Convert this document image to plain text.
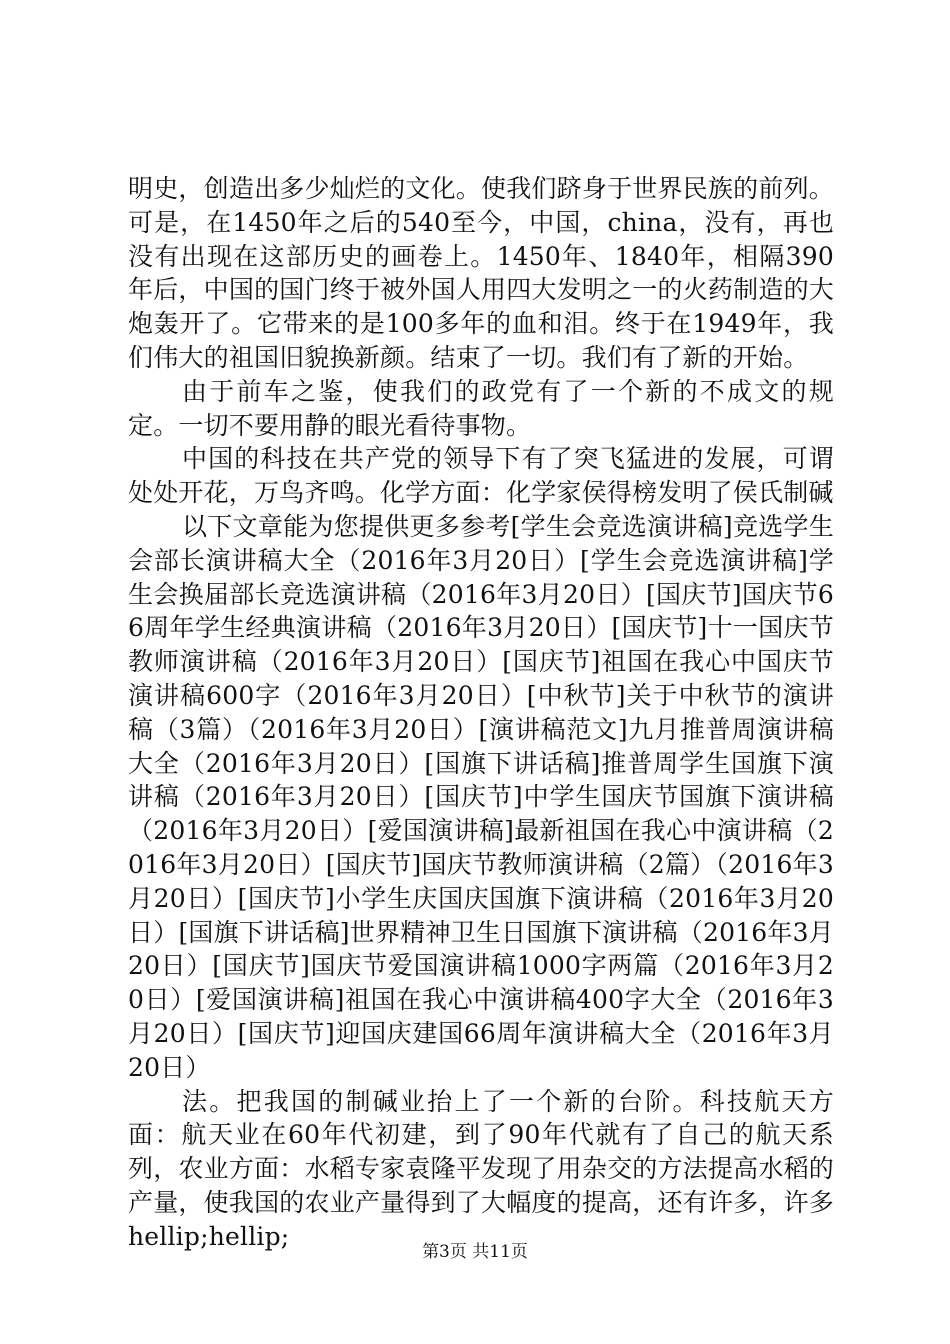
明史，创造出多少灿烂的文化。使我们跻身于世界民族的前列。可是，在1450年之后的540至今，中国，china，没有，再也没有出现在这部历史的画卷上。1450年、1840年，相隔390年后，中国的国门终于被外国人用四大发明之一的火药制造的大炮轰开了。它带来的是100多年的血和泪。终于在1949年，我们伟大的祖国旧貌换新颜。结束了一切。我们有了新的开始。

由于前车之鉴，使我们的政党有了一个新的不成文的规定。一切不要用静的眼光看待事物。

中国的科技在共产党的领导下有了突飞猛进的发展，可谓处处开花，万鸟齐鸣。化学方面：化学家侯得榜发明了侯氏制碱

以下文章能为您提供更多参考[学生会竞选演讲稿]竞选学生会部长演讲稿大全（2016年3月20日）[学生会竞选演讲稿]学生会换届部长竞选演讲稿（2016年3月20日）[国庆节]国庆节66周年学生经典演讲稿（2016年3月20日）[国庆节]十一国庆节教师演讲稿（2016年3月20日）[国庆节]祖国在我心中国庆节演讲稿600字（2016年3月20日）[中秋节]关于中秋节的演讲稿（3篇）（2016年3月20日）[演讲稿范文]九月推普周演讲稿大全（2016年3月20日）[国旗下讲话稿]推普周学生国旗下演讲稿（2016年3月20日）[国庆节]中学生国庆节国旗下演讲稿（2016年3月20日）[爱国演讲稿]最新祖国在我心中演讲稿（2016年3月20日）[国庆节]国庆节教师演讲稿（2篇）（2016年3月20日）[国庆节]小学生庆国庆国旗下演讲稿（2016年3月20日）[国旗下讲话稿]世界精神卫生日国旗下演讲稿（2016年3月20日）[国庆节]国庆节爱国演讲稿1000字两篇（2016年3月20日）[爱国演讲稿]祖国在我心中演讲稿400字大全（2016年3月20日）[国庆节]迎国庆建国66周年演讲稿大全（2016年3月20日）

法。把我国的制碱业抬上了一个新的台阶。科技航天方面：航天业在60年代初建，到了90年代就有了自己的航天系列，农业方面：水稻专家袁隆平发现了用杂交的方法提高水稻的产量，使我国的农业产量得到了大幅度的提高，还有许多，许多hellip;hellip;

第3页 共11页
